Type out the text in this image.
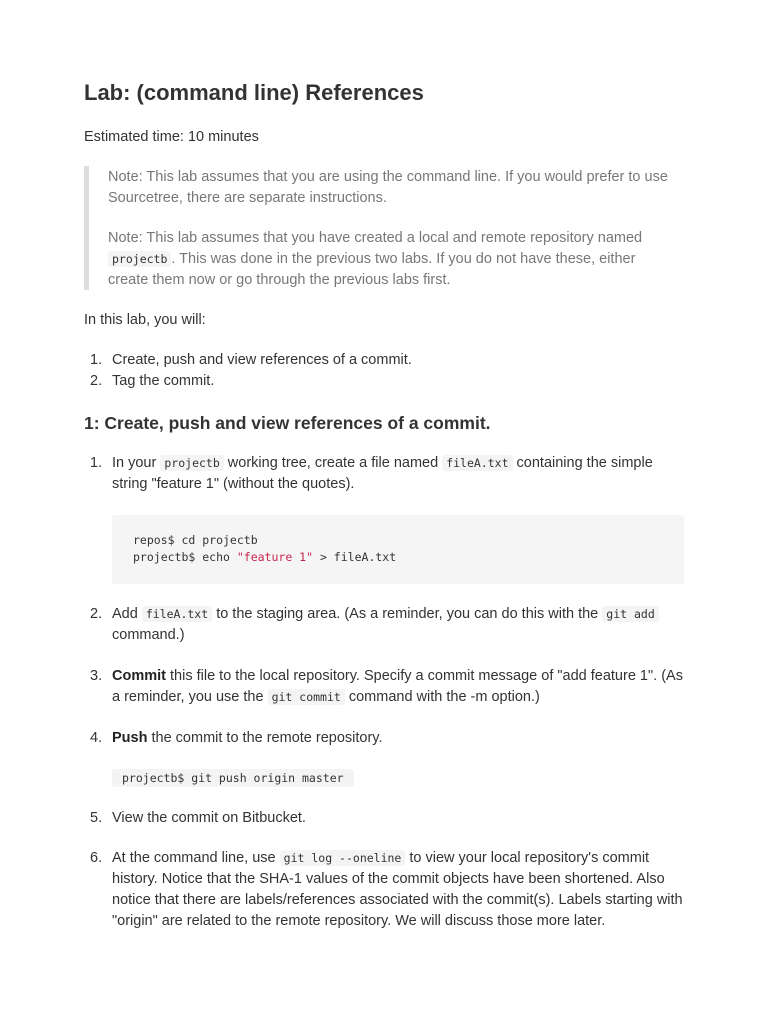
Lab: (command line) References

Estimated time: 10 minutes

Note: This lab assumes that you are using the command line. If you would prefer to use Sourcetree, there are separate instructions.

Note: This lab assumes that you have created a local and remote repository named projectb . This was done in the previous two labs. If you do not have these, either create them now or go through the previous labs first.

In this lab, you will:

1. Create, push and view references of a commit.
2. Tag the commit.
1: Create, push and view references of a commit.
1. In your projectb working tree, create a file named fileA.txt containing the simple string "feature 1" (without the quotes).

repos$ cd projectb

projectb$ echo "feature 1" > fileA.txt

2. Add fileA.txt to the staging area. (As a reminder, you can do this with the git add command.)
3. Commit this file to the local repository. Specify a commit message of "add feature 1". (As a reminder, you use the git commit command with the -m option.)
4. Push the commit to the remote repository.
projectb$ git push origin master
5. View the commit on Bitbucket.
6. At the command line, use git log --oneline to view your local repository's commit history. Notice that the SHA-1 values of the commit objects have been shortened. Also notice that there are labels/references associated with the commit(s). Labels starting with "origin" are related to the remote repository. We will discuss those more later.
